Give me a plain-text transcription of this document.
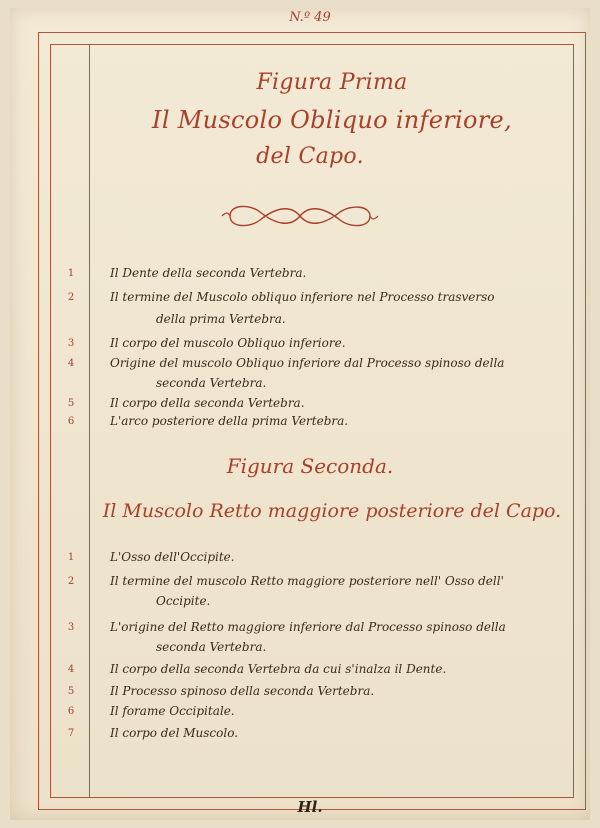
N.º 49
Figura Prima
Il Muscolo Obliquo inferiore,
del Capo.
1
2
3
4
5
6
Il Dente della seconda Vertebra.
Il termine del Muscolo obliquo inferiore nel Processo trasverso
della prima Vertebra.
Il corpo del muscolo Obliquo inferiore.
Origine del muscolo Obliquo inferiore dal Processo spinoso della
seconda Vertebra.
Il corpo della seconda Vertebra.
L'arco posteriore della prima Vertebra.
Figura Seconda.
Il Muscolo Retto maggiore posteriore del Capo.
1
2
3
4
5
6
7
L'Osso dell'Occipite.
Il termine del muscolo Retto maggiore posteriore nell' Osso dell'
Occipite.
L'origine del Retto maggiore inferiore dal Processo spinoso della
seconda Vertebra.
Il corpo della seconda Vertebra da cui s'inalza il Dente.
Il Processo spinoso della seconda Vertebra.
Il forame Occipitale.
Il corpo del Muscolo.
Hl.
